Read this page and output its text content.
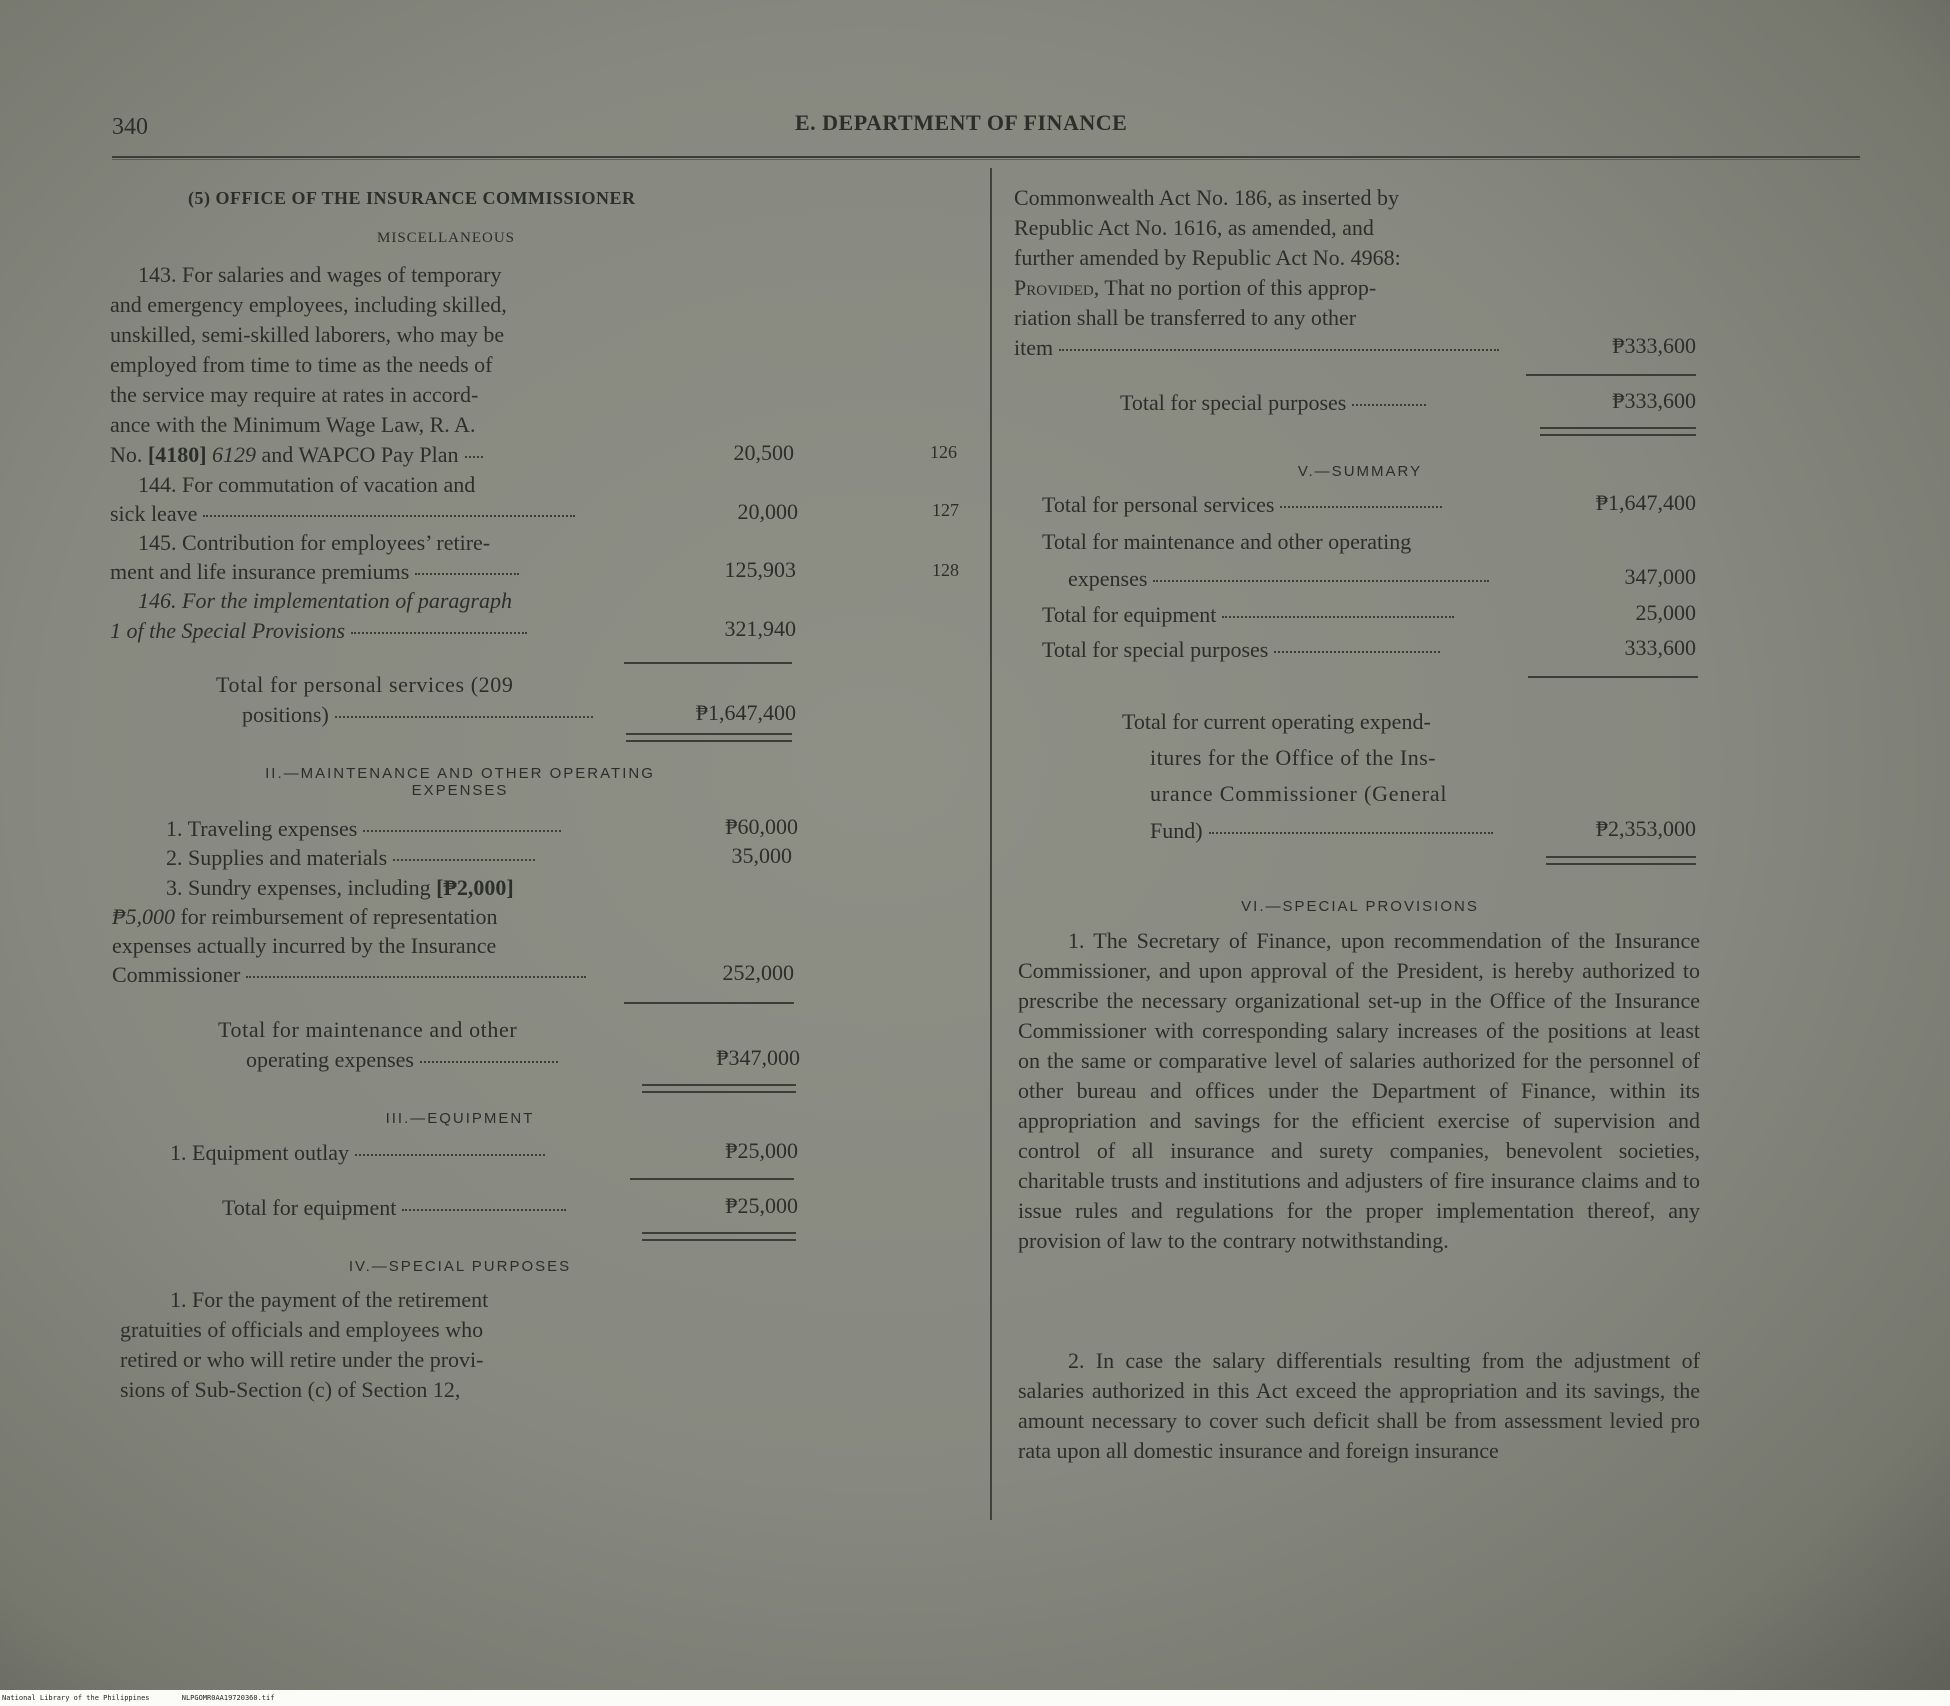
340	E. DEPARTMENT OF FINANCE
(5) OFFICE OF THE INSURANCE COMMISSIONER
MISCELLANEOUS
143. For salaries and wages of temporary
and emergency employees, including skilled,
unskilled, semi-skilled laborers, who may be
employed from time to time as the needs of
the service may require at rates in accord-
ance with the Minimum Wage Law, R. A.
No. [4180] 6129 and WAPCO Pay Plan	20,500	126
144. For commutation of vacation and
sick leave	20,000	127
145. Contribution for employees’ retire-
ment and life insurance premiums	125,903	128
146. For the implementation of paragraph
1 of the Special Provisions	321,940
Total for personal services (209
positions)	₱1,647,400
II.—MAINTENANCE AND OTHER OPERATING
EXPENSES
1. Traveling expenses	₱60,000
2. Supplies and materials	35,000
3. Sundry expenses, including [₱2,000]
₱5,000 for reimbursement of representation
expenses actually incurred by the Insurance
Commissioner	252,000
Total for maintenance and other
operating expenses	₱347,000
III.—EQUIPMENT
1. Equipment outlay	₱25,000
Total for equipment	₱25,000
IV.—SPECIAL PURPOSES
1. For the payment of the retirement
gratuities of officials and employees who
retired or who will retire under the provi-
sions of Sub-Section (c) of Section 12,
Commonwealth Act No. 186, as inserted by
Republic Act No. 1616, as amended, and
further amended by Republic Act No. 4968:
Provided, That no portion of this approp-
riation shall be transferred to any other
item	₱333,600
Total for special purposes	₱333,600
V.—SUMMARY
Total for personal services	₱1,647,400
Total for maintenance and other operating
expenses	347,000
Total for equipment	25,000
Total for special purposes	333,600
Total for current operating expend-
itures for the Office of the Ins-
urance Commissioner (General
Fund)	₱2,353,000
VI.—SPECIAL PROVISIONS
1. The Secretary of Finance, upon recommendation of the Insurance Commissioner, and upon approval of the President, is hereby authorized to prescribe the necessary organizational set-up in the Office of the Insurance Commissioner with corresponding salary increases of the positions at least on the same or comparative level of salaries authorized for the personnel of other bureau and offices under the Department of Finance, within its appropriation and savings for the efficient exercise of supervision and control of all insurance and surety companies, benevolent societies, charitable trusts and institutions and adjusters of fire insurance claims and to issue rules and regulations for the proper implementation thereof, any provision of law to the contrary notwithstanding.
2. In case the salary differentials resulting from the adjustment of salaries authorized in this Act exceed the appropriation and its savings, the amount necessary to cover such deficit shall be from assessment levied pro rata upon all domestic insurance and foreign insurance
National Library of the Philippines	NLPGOMR0AA19720360.tif
